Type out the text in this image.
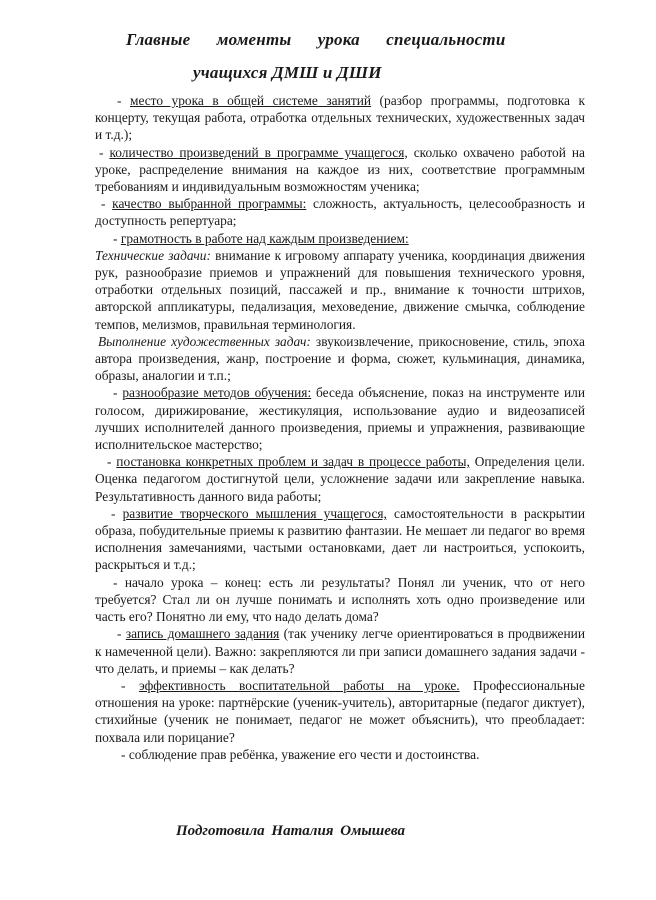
Главные моменты урока специальности
учащихся ДМШ и ДШИ

- место урока в общей системе занятий (разбор программы, подготовка к концерту, текущая работа, отработка отдельных технических, художественных задач и т.д.);

- количество произведений в программе учащегося, сколько охвачено работой на уроке, распределение внимания на каждое из них, соответствие программным требованиям и индивидуальным возможностям ученика;

- качество выбранной программы: сложность, актуальность, целесообразность и доступность репертуара;

- грамотность в работе над каждым произведением:

Технические задачи: внимание к игровому аппарату ученика, координация движения рук, разнообразие приемов и упражнений для повышения технического уровня, отработки отдельных позиций, пассажей и пр., внимание к точности штрихов, авторской аппликатуры, педализация, меховедение, движение смычка, соблюдение темпов, мелизмов, правильная терминология.

Выполнение художественных задач: звукоизвлечение, прикосновение, стиль, эпоха автора произведения, жанр, построение и форма, сюжет, кульминация, динамика, образы, аналогии и т.п.;

- разнообразие методов обучения: беседа объяснение, показ на инструменте или голосом, дирижирование, жестикуляция, использование аудио и видеозаписей лучших исполнителей данного произведения, приемы и упражнения, развивающие исполнительское мастерство;

- постановка конкретных проблем и задач в процессе работы, Определения цели. Оценка педагогом достигнутой цели, усложнение задачи или закрепление навыка. Результативность данного вида работы;

- развитие творческого мышления учащегося, самостоятельности в раскрытии образа, побудительные приемы к развитию фантазии. Не мешает ли педагог во время исполнения замечаниями, частыми остановками, дает ли настроиться, успокоить, раскрыться и т.д.;

- начало урока – конец: есть ли результаты? Понял ли ученик, что от него требуется? Стал ли он лучше понимать и исполнять хоть одно произведение или часть его? Понятно ли ему, что надо делать дома?

- запись домашнего задания (так ученику легче ориентироваться в продвижении к намеченной цели). Важно: закрепляются ли при записи домашнего задания задачи - что делать, и приемы – как делать?

- эффективность воспитательной работы на уроке. Профессиональные отношения на уроке: партнёрские (ученик-учитель), авторитарные (педагог диктует), стихийные (ученик не понимает, педагог не может объяснить), что преобладает: похвала или порицание?

- соблюдение прав ребёнка, уважение его чести и достоинства.

Подготовила Наталия Омышева
